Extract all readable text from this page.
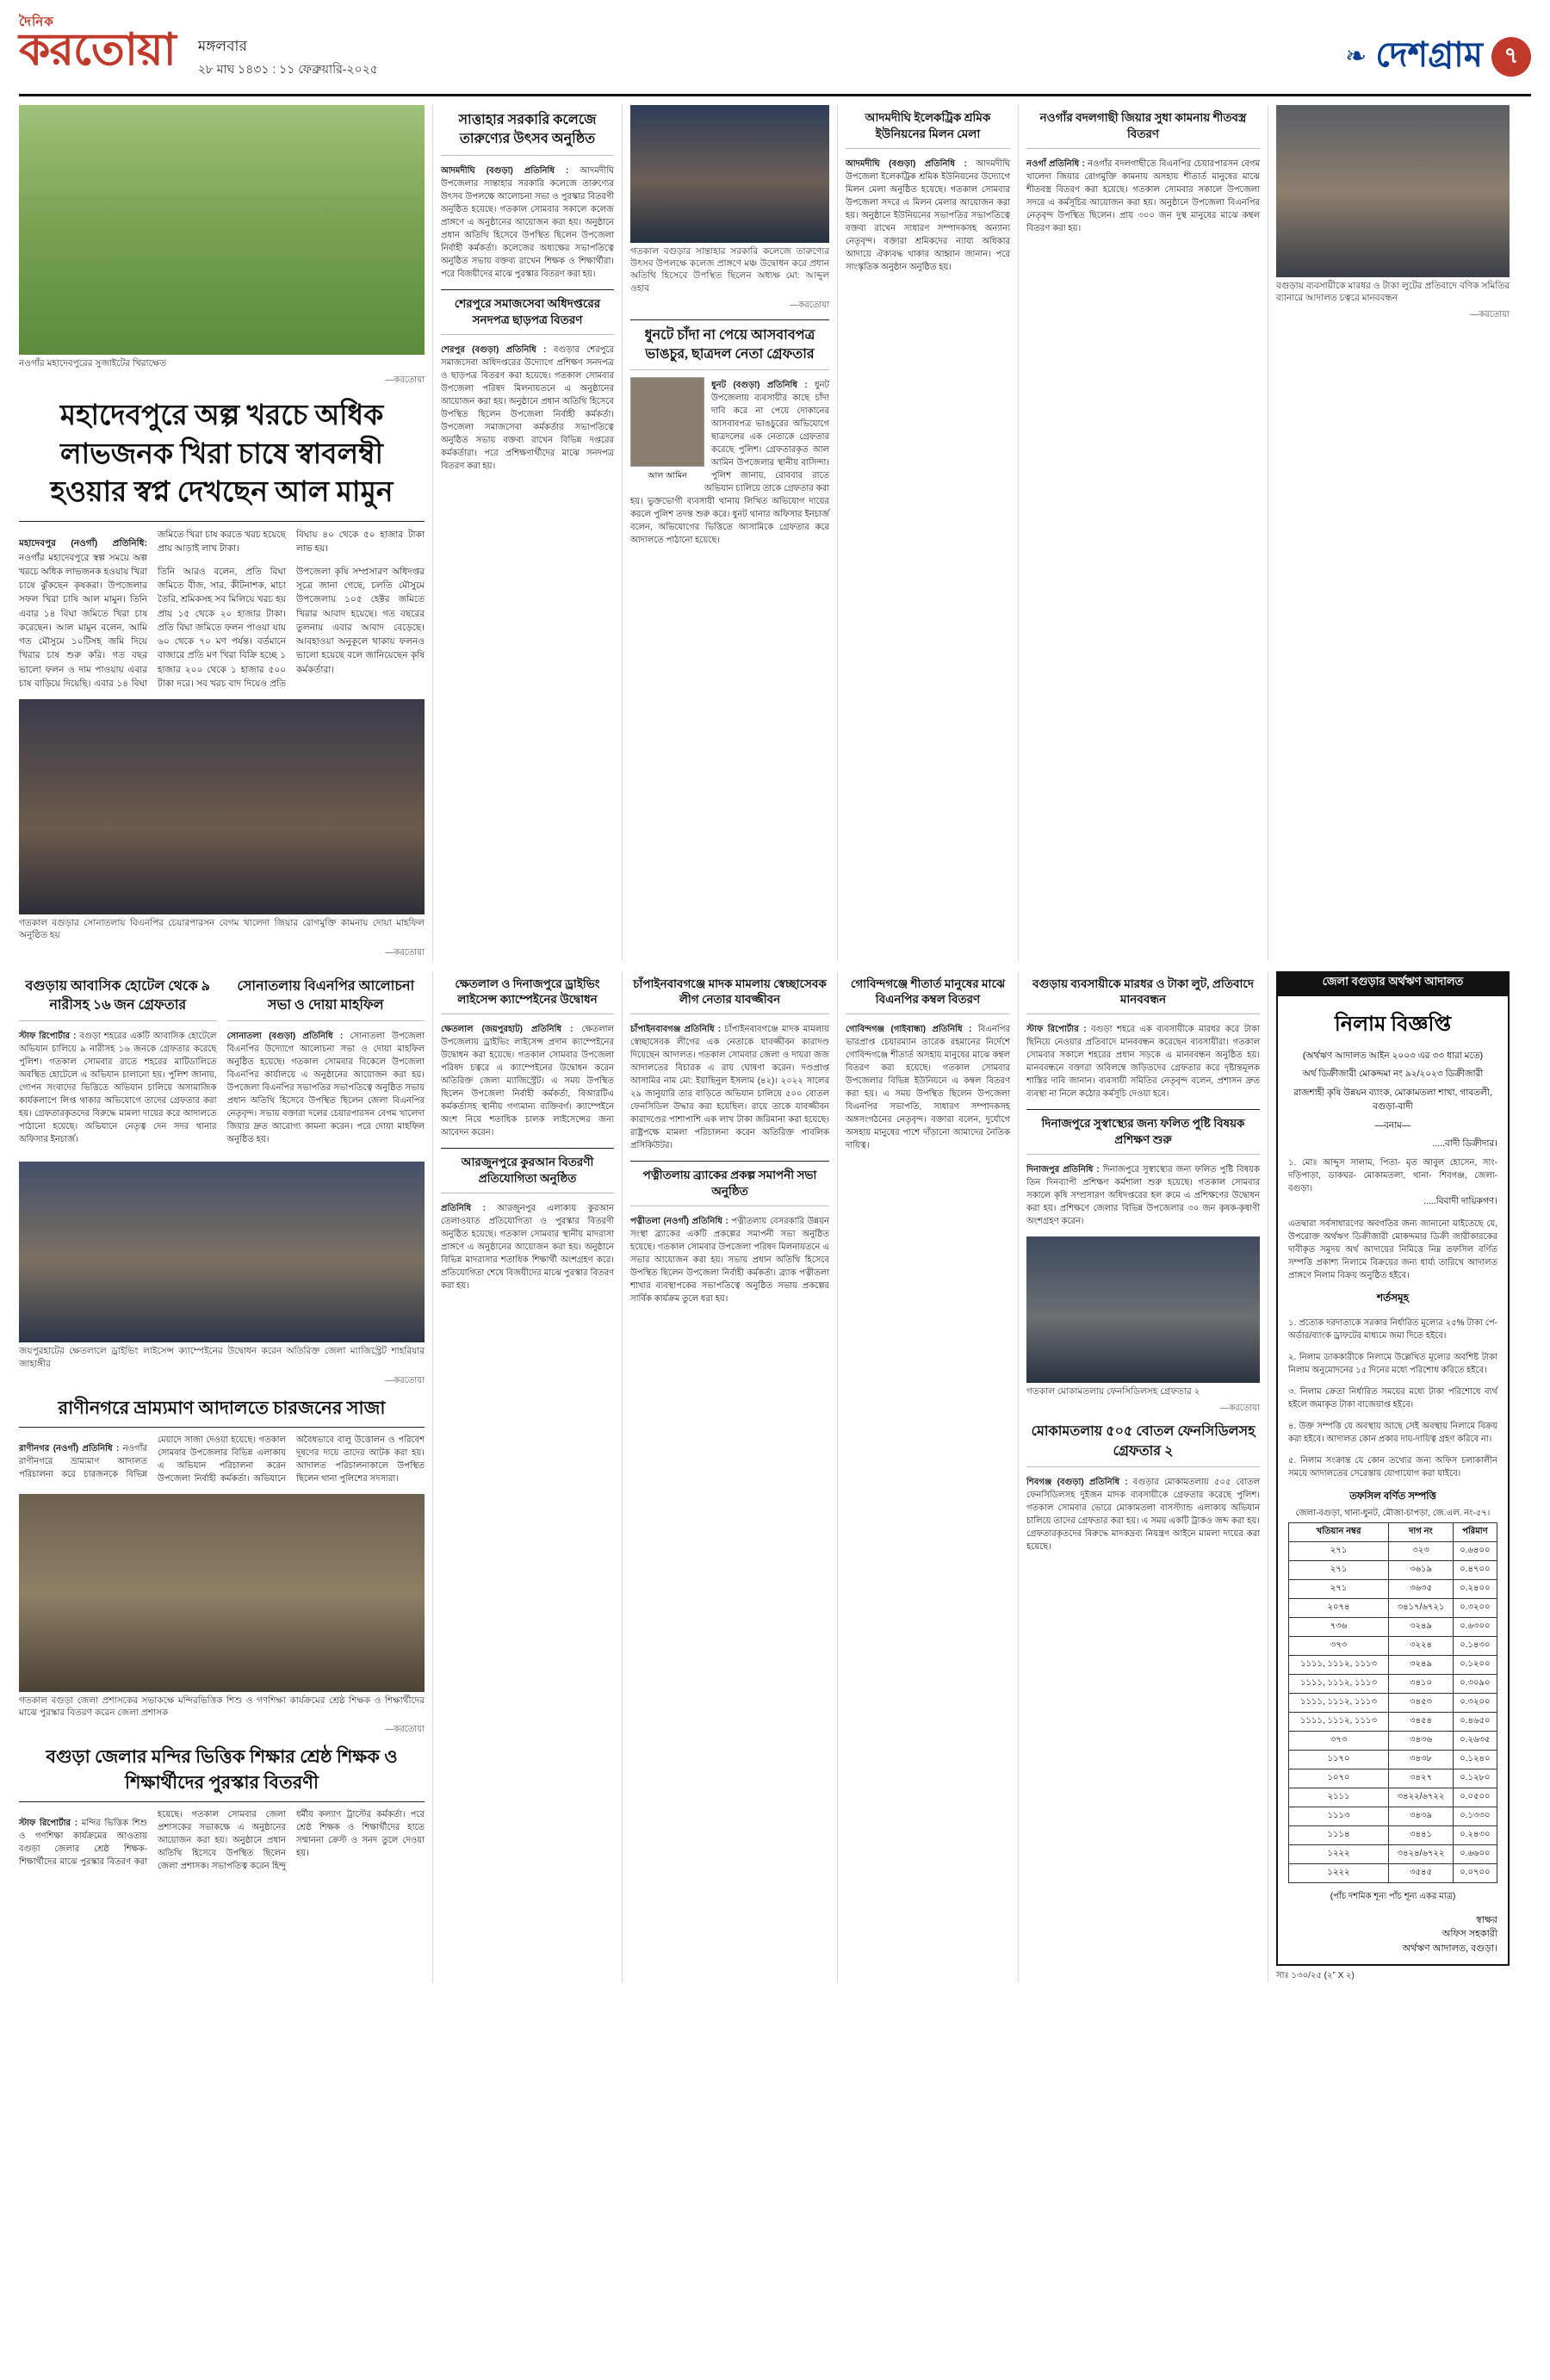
দৈনিক
করতোয়া মঙ্গলবার
২৮ মাঘ ১৪৩১ : ১১ ফেব্রুয়ারি-২০২৫	❧ দেশগ্রাম ৭
নওগাঁর মহাদেবপুরের সুজাইটের খিরাক্ষেত
—করতোয়া
মহাদেবপুরে অল্প খরচে অধিক লাভজনক খিরা চাষে স্বাবলম্বী হওয়ার স্বপ্ন দেখছেন আল মামুন

মহাদেবপুর (নওগাঁ) প্রতিনিধি: নওগাঁর মহাদেবপুরে স্বল্প সময়ে অল্প খরচে অধিক লাভজনক হওয়ায় খিরা চাষে ঝুঁকছেন কৃষকরা। উপজেলার সফল খিরা চাষি আল মামুন। তিনি এবার ১৪ বিঘা জমিতে খিরা চাষ করেছেন। আল মামুন বলেন, আমি গত মৌসুমে ১০টিসহ জমি দিয়ে খিরার চাষ শুরু করি। গত বছর ভালো ফলন ও দাম পাওয়ায় এবার চাষ বাড়িয়ে দিয়েছি। এবার ১৪ বিঘা জমিতে খিরা চাষ করতে খরচ হয়েছে প্রায় আড়াই লাখ টাকা।

তিনি আরও বলেন, প্রতি বিঘা জমিতে বীজ, সার, কীটনাশক, মাচা তৈরি, শ্রমিকসহ সব মিলিয়ে খরচ হয় প্রায় ১৫ থেকে ২০ হাজার টাকা। প্রতি বিঘা জমিতে ফলন পাওয়া যায় ৬০ থেকে ৭০ মণ পর্যন্ত। বর্তমানে বাজারে প্রতি মণ খিরা বিক্রি হচ্ছে ১ হাজার ২০০ থেকে ১ হাজার ৫০০ টাকা দরে। সব খরচ বাদ দিয়েও প্রতি বিঘায় ৪০ থেকে ৫০ হাজার টাকা লাভ হয়।

উপজেলা কৃষি সম্প্রসারণ অধিদপ্তর সূত্রে জানা গেছে, চলতি মৌসুমে উপজেলায় ১০৫ হেক্টর জমিতে খিরার আবাদ হয়েছে। গত বছরের তুলনায় এবার আবাদ বেড়েছে। আবহাওয়া অনুকূলে থাকায় ফলনও ভালো হয়েছে বলে জানিয়েছেন কৃষি কর্মকর্তারা।

গতকাল বগুড়ার সোনাতলায় বিএনপির চেয়ারপারসন বেগম খালেদা জিয়ার রোগমুক্তি কামনায় দোয়া মাহফিল অনুষ্ঠিত হয়
—করতোয়া
সাত্তাহার সরকারি কলেজে তারুণ্যের উৎসব অনুষ্ঠিত

আদমদীঘি (বগুড়া) প্রতিনিধি : আদমদীঘি উপজেলার সান্তাহার সরকারি কলেজে তারুণ্যের উৎসব উপলক্ষে আলোচনা সভা ও পুরস্কার বিতরণী অনুষ্ঠিত হয়েছে। গতকাল সোমবার সকালে কলেজ প্রাঙ্গণে এ অনুষ্ঠানের আয়োজন করা হয়। অনুষ্ঠানে প্রধান অতিথি হিসেবে উপস্থিত ছিলেন উপজেলা নির্বাহী কর্মকর্তা। কলেজের অধ্যক্ষের সভাপতিত্বে অনুষ্ঠিত সভায় বক্তব্য রাখেন শিক্ষক ও শিক্ষার্থীরা। পরে বিজয়ীদের মাঝে পুরস্কার বিতরণ করা হয়।

শেরপুরে সমাজসেবা অধিদপ্তরের সনদপত্র ছাড়পত্র বিতরণ

শেরপুর (বগুড়া) প্রতিনিধি : বগুড়ার শেরপুরে সমাজসেবা অধিদপ্তরের উদ্যোগে প্রশিক্ষণ সনদপত্র ও ছাড়পত্র বিতরণ করা হয়েছে। গতকাল সোমবার উপজেলা পরিষদ মিলনায়তনে এ অনুষ্ঠানের আয়োজন করা হয়। অনুষ্ঠানে প্রধান অতিথি হিসেবে উপস্থিত ছিলেন উপজেলা নির্বাহী কর্মকর্তা। উপজেলা সমাজসেবা কর্মকর্তার সভাপতিত্বে অনুষ্ঠিত সভায় বক্তব্য রাখেন বিভিন্ন দপ্তরের কর্মকর্তারা। পরে প্রশিক্ষণার্থীদের মাঝে সনদপত্র বিতরণ করা হয়।

গতকাল বগুড়ার সান্তাহার সরকারি কলেজে তারুণ্যের উৎসব উপলক্ষে কলেজ প্রাঙ্গণে মঞ্চ উদ্বোধন করে প্রধান অতিথি হিসেবে উপস্থিত ছিলেন অধ্যক্ষ মো: আব্দুল ওহাব
—করতোয়া
ধুনটে চাঁদা না পেয়ে আসবাবপত্র ভাঙচুর, ছাত্রদল নেতা গ্রেফতার
আল আমিন

ধুনট (বগুড়া) প্রতিনিধি : ধুনট উপজেলায় ব্যবসায়ীর কাছে চাঁদা দাবি করে না পেয়ে দোকানের আসবাবপত্র ভাঙচুরের অভিযোগে ছাত্রদলের এক নেতাকে গ্রেফতার করেছে পুলিশ। গ্রেফতারকৃত আল আমিন উপজেলার স্থানীয় বাসিন্দা। পুলিশ জানায়, রোববার রাতে অভিযান চালিয়ে তাকে গ্রেফতার করা হয়। ভুক্তভোগী ব্যবসায়ী থানায় লিখিত অভিযোগ দায়ের করলে পুলিশ তদন্ত শুরু করে। ধুনট থানার অফিসার ইনচার্জ বলেন, অভিযোগের ভিত্তিতে আসামিকে গ্রেফতার করে আদালতে পাঠানো হয়েছে।

আদমদীঘি ইলেকট্রিক শ্রমিক ইউনিয়নের মিলন মেলা

আদমদীঘি (বগুড়া) প্রতিনিধি : আদমদীঘি উপজেলা ইলেকট্রিক শ্রমিক ইউনিয়নের উদ্যোগে মিলন মেলা অনুষ্ঠিত হয়েছে। গতকাল সোমবার উপজেলা সদরে এ মিলন মেলার আয়োজন করা হয়। অনুষ্ঠানে ইউনিয়নের সভাপতির সভাপতিত্বে বক্তব্য রাখেন সাধারণ সম্পাদকসহ অন্যান্য নেতৃবৃন্দ। বক্তারা শ্রমিকদের ন্যায্য অধিকার আদায়ে ঐক্যবদ্ধ থাকার আহ্বান জানান। পরে সাংস্কৃতিক অনুষ্ঠান অনুষ্ঠিত হয়।

নওগাঁর বদলগাছী জিয়ার সুধা কামনায় শীতবস্ত্র বিতরণ

নওগাঁ প্রতিনিধি : নওগাঁর বদলগাছীতে বিএনপির চেয়ারপারসন বেগম খালেদা জিয়ার রোগমুক্তি কামনায় অসহায় শীতার্ত মানুষের মাঝে শীতবস্ত্র বিতরণ করা হয়েছে। গতকাল সোমবার সকালে উপজেলা সদরে এ কর্মসূচির আয়োজন করা হয়। অনুষ্ঠানে উপজেলা বিএনপির নেতৃবৃন্দ উপস্থিত ছিলেন। প্রায় ৩০০ জন দুস্থ মানুষের মাঝে কম্বল বিতরণ করা হয়।

বগুড়ায় ব্যবসায়ীকে মারধর ও টাকা লুটের প্রতিবাদে বণিক সমিতির ব্যানারে আদালত চত্বরে মানববন্ধন
—করতোয়া
বগুড়ায় আবাসিক হোটেল থেকে ৯ নারীসহ ১৬ জন গ্রেফতার

স্টাফ রিপোর্টার : বগুড়া শহরের একটি আবাসিক হোটেলে অভিযান চালিয়ে ৯ নারীসহ ১৬ জনকে গ্রেফতার করেছে পুলিশ। গতকাল সোমবার রাতে শহরের মাটিডালিতে অবস্থিত হোটেলে এ অভিযান চালানো হয়। পুলিশ জানায়, গোপন সংবাদের ভিত্তিতে অভিযান চালিয়ে অসামাজিক কার্যকলাপে লিপ্ত থাকার অভিযোগে তাদের গ্রেফতার করা হয়। গ্রেফতারকৃতদের বিরুদ্ধে মামলা দায়ের করে আদালতে পাঠানো হয়েছে। অভিযানে নেতৃত্ব দেন সদর থানার অফিসার ইনচার্জ।

সোনাতলায় বিএনপির আলোচনা সভা ও দোয়া মাহফিল

সোনাতলা (বগুড়া) প্রতিনিধি : সোনাতলা উপজেলা বিএনপির উদ্যোগে আলোচনা সভা ও দোয়া মাহফিল অনুষ্ঠিত হয়েছে। গতকাল সোমবার বিকেলে উপজেলা বিএনপির কার্যালয়ে এ অনুষ্ঠানের আয়োজন করা হয়। উপজেলা বিএনপির সভাপতির সভাপতিত্বে অনুষ্ঠিত সভায় প্রধান অতিথি হিসেবে উপস্থিত ছিলেন জেলা বিএনপির নেতৃবৃন্দ। সভায় বক্তারা দলের চেয়ারপারসন বেগম খালেদা জিয়ার দ্রুত আরোগ্য কামনা করেন। পরে দোয়া মাহফিল অনুষ্ঠিত হয়।

জয়পুরহাটের ক্ষেতলালে ড্রাইভিং লাইসেন্স ক্যাম্পেইনের উদ্বোধন করেন অতিরিক্ত জেলা ম্যাজিস্ট্রেট শাহরিয়ার জাহাঙ্গীর
—করতোয়া
রাণীনগরে ভ্রাম্যমাণ আদালতে চারজনের সাজা

রাণীনগর (নওগাঁ) প্রতিনিধি : নওগাঁর রাণীনগরে ভ্রাম্যমাণ আদালত পরিচালনা করে চারজনকে বিভিন্ন মেয়াদে সাজা দেওয়া হয়েছে। গতকাল সোমবার উপজেলার বিভিন্ন এলাকায় এ অভিযান পরিচালনা করেন উপজেলা নির্বাহী কর্মকর্তা। অভিযানে অবৈধভাবে বালু উত্তোলন ও পরিবেশ দূষণের দায়ে তাদের আটক করা হয়। আদালত পরিচালনাকালে উপস্থিত ছিলেন থানা পুলিশের সদস্যরা।

গতকাল বগুড়া জেলা প্রশাসকের সভাকক্ষে মন্দিরভিত্তিক শিশু ও গণশিক্ষা কার্যক্রমের শ্রেষ্ঠ শিক্ষক ও শিক্ষার্থীদের মাঝে পুরস্কার বিতরণ করেন জেলা প্রশাসক
—করতোয়া
বগুড়া জেলার মন্দির ভিত্তিক শিক্ষার শ্রেষ্ঠ শিক্ষক ও শিক্ষার্থীদের পুরস্কার বিতরণী

স্টাফ রিপোর্টার : মন্দির ভিত্তিক শিশু ও গণশিক্ষা কার্যক্রমের আওতায় বগুড়া জেলার শ্রেষ্ঠ শিক্ষক-শিক্ষার্থীদের মাঝে পুরস্কার বিতরণ করা হয়েছে। গতকাল সোমবার জেলা প্রশাসকের সভাকক্ষে এ অনুষ্ঠানের আয়োজন করা হয়। অনুষ্ঠানে প্রধান অতিথি হিসেবে উপস্থিত ছিলেন জেলা প্রশাসক। সভাপতিত্ব করেন হিন্দু ধর্মীয় কল্যাণ ট্রাস্টের কর্মকর্তা। পরে শ্রেষ্ঠ শিক্ষক ও শিক্ষার্থীদের হাতে সম্মাননা ক্রেস্ট ও সনদ তুলে দেওয়া হয়।

ক্ষেতলাল ও দিনাজপুরে ড্রাইভিং লাইসেন্স ক্যাম্পেইনের উদ্বোধন

ক্ষেতলাল (জয়পুরহাট) প্রতিনিধি : ক্ষেতলাল উপজেলায় ড্রাইভিং লাইসেন্স প্রদান ক্যাম্পেইনের উদ্বোধন করা হয়েছে। গতকাল সোমবার উপজেলা পরিষদ চত্বরে এ ক্যাম্পেইনের উদ্বোধন করেন অতিরিক্ত জেলা ম্যাজিস্ট্রেট। এ সময় উপস্থিত ছিলেন উপজেলা নির্বাহী কর্মকর্তা, বিআরটিএ কর্মকর্তাসহ স্থানীয় গণ্যমান্য ব্যক্তিবর্গ। ক্যাম্পেইনে অংশ নিয়ে শতাধিক চালক লাইসেন্সের জন্য আবেদন করেন।

আরজুনপুরে কুরআন বিতরণী প্রতিযোগিতা অনুষ্ঠিত

প্রতিনিধি : আরজুনপুর এলাকায় কুরআন তেলাওয়াত প্রতিযোগিতা ও পুরস্কার বিতরণী অনুষ্ঠিত হয়েছে। গতকাল সোমবার স্থানীয় মাদরাসা প্রাঙ্গণে এ অনুষ্ঠানের আয়োজন করা হয়। অনুষ্ঠানে বিভিন্ন মাদরাসার শতাধিক শিক্ষার্থী অংশগ্রহণ করে। প্রতিযোগিতা শেষে বিজয়ীদের মাঝে পুরস্কার বিতরণ করা হয়।

চাঁপাইনবাবগঞ্জে মাদক মামলায় স্বেচ্ছাসেবক লীগ নেতার যাবজ্জীবন

চাঁপাইনবাবগঞ্জ প্রতিনিধি : চাঁপাইনবাবগঞ্জে মাদক মামলায় স্বেচ্ছাসেবক লীগের এক নেতাকে যাবজ্জীবন কারাদণ্ড দিয়েছেন আদালত। গতকাল সোমবার জেলা ও দায়রা জজ আদালতের বিচারক এ রায় ঘোষণা করেন। দণ্ডপ্রাপ্ত আসামির নাম মো: ইয়াছিনুল ইসলাম (৪২)। ২০২২ সালের ২৯ জানুয়ারি তার বাড়িতে অভিযান চালিয়ে ৫০০ বোতল ফেনসিডিল উদ্ধার করা হয়েছিল। রায়ে তাকে যাবজ্জীবন কারাদণ্ডের পাশাপাশি এক লাখ টাকা জরিমানা করা হয়েছে। রাষ্ট্রপক্ষে মামলা পরিচালনা করেন অতিরিক্ত পাবলিক প্রসিকিউটর।

পত্নীতলায় ব্র্যাকের প্রকল্প সমাপনী সভা অনুষ্ঠিত

পত্নীতলা (নওগাঁ) প্রতিনিধি : পত্নীতলায় বেসরকারি উন্নয়ন সংস্থা ব্র্যাকের একটি প্রকল্পের সমাপনী সভা অনুষ্ঠিত হয়েছে। গতকাল সোমবার উপজেলা পরিষদ মিলনায়তনে এ সভার আয়োজন করা হয়। সভায় প্রধান অতিথি হিসেবে উপস্থিত ছিলেন উপজেলা নির্বাহী কর্মকর্তা। ব্র্যাক পত্নীতলা শাখার ব্যবস্থাপকের সভাপতিত্বে অনুষ্ঠিত সভায় প্রকল্পের সার্বিক কার্যক্রম তুলে ধরা হয়।

গোবিন্দগঞ্জে শীতার্ত মানুষের মাঝে বিএনপির কম্বল বিতরণ

গোবিন্দগঞ্জ (গাইবান্ধা) প্রতিনিধি : বিএনপির ভারপ্রাপ্ত চেয়ারম্যান তারেক রহমানের নির্দেশে গোবিন্দগঞ্জে শীতার্ত অসহায় মানুষের মাঝে কম্বল বিতরণ করা হয়েছে। গতকাল সোমবার উপজেলার বিভিন্ন ইউনিয়নে এ কম্বল বিতরণ করা হয়। এ সময় উপস্থিত ছিলেন উপজেলা বিএনপির সভাপতি, সাধারণ সম্পাদকসহ অঙ্গসংগঠনের নেতৃবৃন্দ। বক্তারা বলেন, দুর্যোগে অসহায় মানুষের পাশে দাঁড়ানো আমাদের নৈতিক দায়িত্ব।

বগুড়ায় ব্যবসায়ীকে মারধর ও টাকা লুট, প্রতিবাদে মানববন্ধন

স্টাফ রিপোর্টার : বগুড়া শহরে এক ব্যবসায়ীকে মারধর করে টাকা ছিনিয়ে নেওয়ার প্রতিবাদে মানববন্ধন করেছেন ব্যবসায়ীরা। গতকাল সোমবার সকালে শহরের প্রধান সড়কে এ মানববন্ধন অনুষ্ঠিত হয়। মানববন্ধনে বক্তারা অবিলম্বে জড়িতদের গ্রেফতার করে দৃষ্টান্তমূলক শাস্তির দাবি জানান। ব্যবসায়ী সমিতির নেতৃবৃন্দ বলেন, প্রশাসন দ্রুত ব্যবস্থা না নিলে কঠোর কর্মসূচি দেওয়া হবে।

দিনাজপুরে সুস্বাস্থ্যের জন্য ফলিত পুষ্টি বিষয়ক প্রশিক্ষণ শুরু

দিনাজপুর প্রতিনিধি : দিনাজপুরে সুস্বাস্থ্যের জন্য ফলিত পুষ্টি বিষয়ক তিন দিনব্যাপী প্রশিক্ষণ কর্মশালা শুরু হয়েছে। গতকাল সোমবার সকালে কৃষি সম্প্রসারণ অধিদপ্তরের হল রুমে এ প্রশিক্ষণের উদ্বোধন করা হয়। প্রশিক্ষণে জেলার বিভিন্ন উপজেলার ৩০ জন কৃষক-কৃষাণী অংশগ্রহণ করেন।

গতকাল মোকামতলায় ফেনসিডিলসহ গ্রেফতার ২
—করতোয়া
মোকামতলায় ৫০৫ বোতল ফেনসিডিলসহ গ্রেফতার ২

শিবগঞ্জ (বগুড়া) প্রতিনিধি : বগুড়ার মোকামতলায় ৫০৫ বোতল ফেনসিডিলসহ দুইজন মাদক ব্যবসায়ীকে গ্রেফতার করেছে পুলিশ। গতকাল সোমবার ভোরে মোকামতলা বাসস্ট্যান্ড এলাকায় অভিযান চালিয়ে তাদের গ্রেফতার করা হয়। এ সময় একটি ট্রাকও জব্দ করা হয়। গ্রেফতারকৃতদের বিরুদ্ধে মাদকদ্রব্য নিয়ন্ত্রণ আইনে মামলা দায়ের করা হয়েছে।

জেলা বগুড়ার অর্থঋণ আদালত
নিলাম বিজ্ঞপ্তি
(অর্থঋণ আদালত আইন ২০০৩ এর ৩৩ ধারা মতে)
অর্থ ডিক্রীজারী মোকদ্দমা নং ৯২/২০২৩ ডিক্রীজারী
রাজশাহী কৃষি উন্নয়ন ব্যাংক, মোকামতলা শাখা, গাবতলী, বগুড়া-বাদী
—বনাম—
.....বাদী ডিক্রীদার।
১. মোঃ আব্দুস সালাম, পিতা- মৃত আবুল হোসেন, সাং- দড়িপাড়া, ডাকঘর- মোকামতলা, থানা- শিবগঞ্জ, জেলা- বগুড়া।
.....বিবাদী দায়িকগণ।

এতদ্বারা সর্বসাধারণের অবগতির জন্য জানানো যাইতেছে যে, উপরোক্ত অর্থঋণ ডিক্রীজারী মোকদ্দমার ডিক্রী জারীকারকের দাবীকৃত সমুদয় অর্থ আদায়ের নিমিত্তে নিম্ন তফসিল বর্ণিত সম্পত্তি প্রকাশ্য নিলামে বিক্রয়ের জন্য ধার্য্য তারিখে আদালত প্রাঙ্গণে নিলাম বিক্রয় অনুষ্ঠিত হইবে।

শর্তসমূহ

১. প্রত্যেক দরদাতাকে সরকার নির্ধারিত মূল্যের ২৫% টাকা পে-অর্ডার/ব্যাংক ড্রাফটের মাধ্যমে জমা দিতে হইবে।

২. নিলাম ডাককারীকে নিলামে উল্লেখিত মূল্যের অবশিষ্ট টাকা নিলাম অনুমোদনের ১৫ দিনের মধ্যে পরিশোধ করিতে হইবে।

৩. নিলাম ক্রেতা নির্ধারিত সময়ের মধ্যে টাকা পরিশোধে ব্যর্থ হইলে জমাকৃত টাকা বাজেয়াপ্ত হইবে।

৪. উক্ত সম্পত্তি যে অবস্থায় আছে সেই অবস্থায় নিলামে বিক্রয় করা হইবে। আদালত কোন প্রকার দায়-দায়িত্ব গ্রহণ করিবে না।

৫. নিলাম সংক্রান্ত যে কোন তথ্যের জন্য অফিস চলাকালীন সময়ে আদালতের সেরেস্তায় যোগাযোগ করা যাইবে।

তফসিল বর্ণিত সম্পত্তি
জেলা-বগুড়া, থানা-ধুনট, মৌজা-চাপড়া, জে.এল. নং-৫৭।
খতিয়ান নম্বর	দাগ নং	পরিমাণ
২৭১	৩২৩	০.৬৪০০
২৭১	৩৬১৯	০.৪৭০০
২৭১	৩৬৩৫	০.২৪০০
২০৭৪	৩৪১৭/৬৭২১	০.৩২০০
৭৩৬	৩২৪৯	০.৬৩০০
৩৭৩	৩২২৪	০.১৪৩০
১১১১, ১১১২, ১১১৩	৩২৪৯	০.১২০০
১১১১, ১১১২, ১১১৩	৩৪১০	০.৩০৯০
১১১১, ১১১২, ১১১৩	৩৪৫৩	০.৩২০০
১১১১, ১১১২, ১১১৩	৩৪৫৪	০.৪৬৫০
৩৭৩	৩৪৩৬	০.২৬৩৫
১১৭০	৩৪৩৮	০.১২৪০
১০৭০	৩৪২৭	০.১২৮০
২১১১	৩৪২২/৬৭২২	০.০৫০০
১১১৩	৩৪৩৯	০.১৩৩০
১১১৪	৩৪৪১	০.২৪৩০
১২২২	৩৪২৪/৬৭২২	০.৬৬০০
১২২২	৩৫৪৫	০.০৭০০
(পাঁচ দশমিক শূন্য পাঁচ শূন্য একর মাত্র)
স্বাক্ষর
অফিস সহকারী
অর্থঋণ আদালত, বগুড়া।
সাঃ ১৩০/২৫ (২” X ২)
